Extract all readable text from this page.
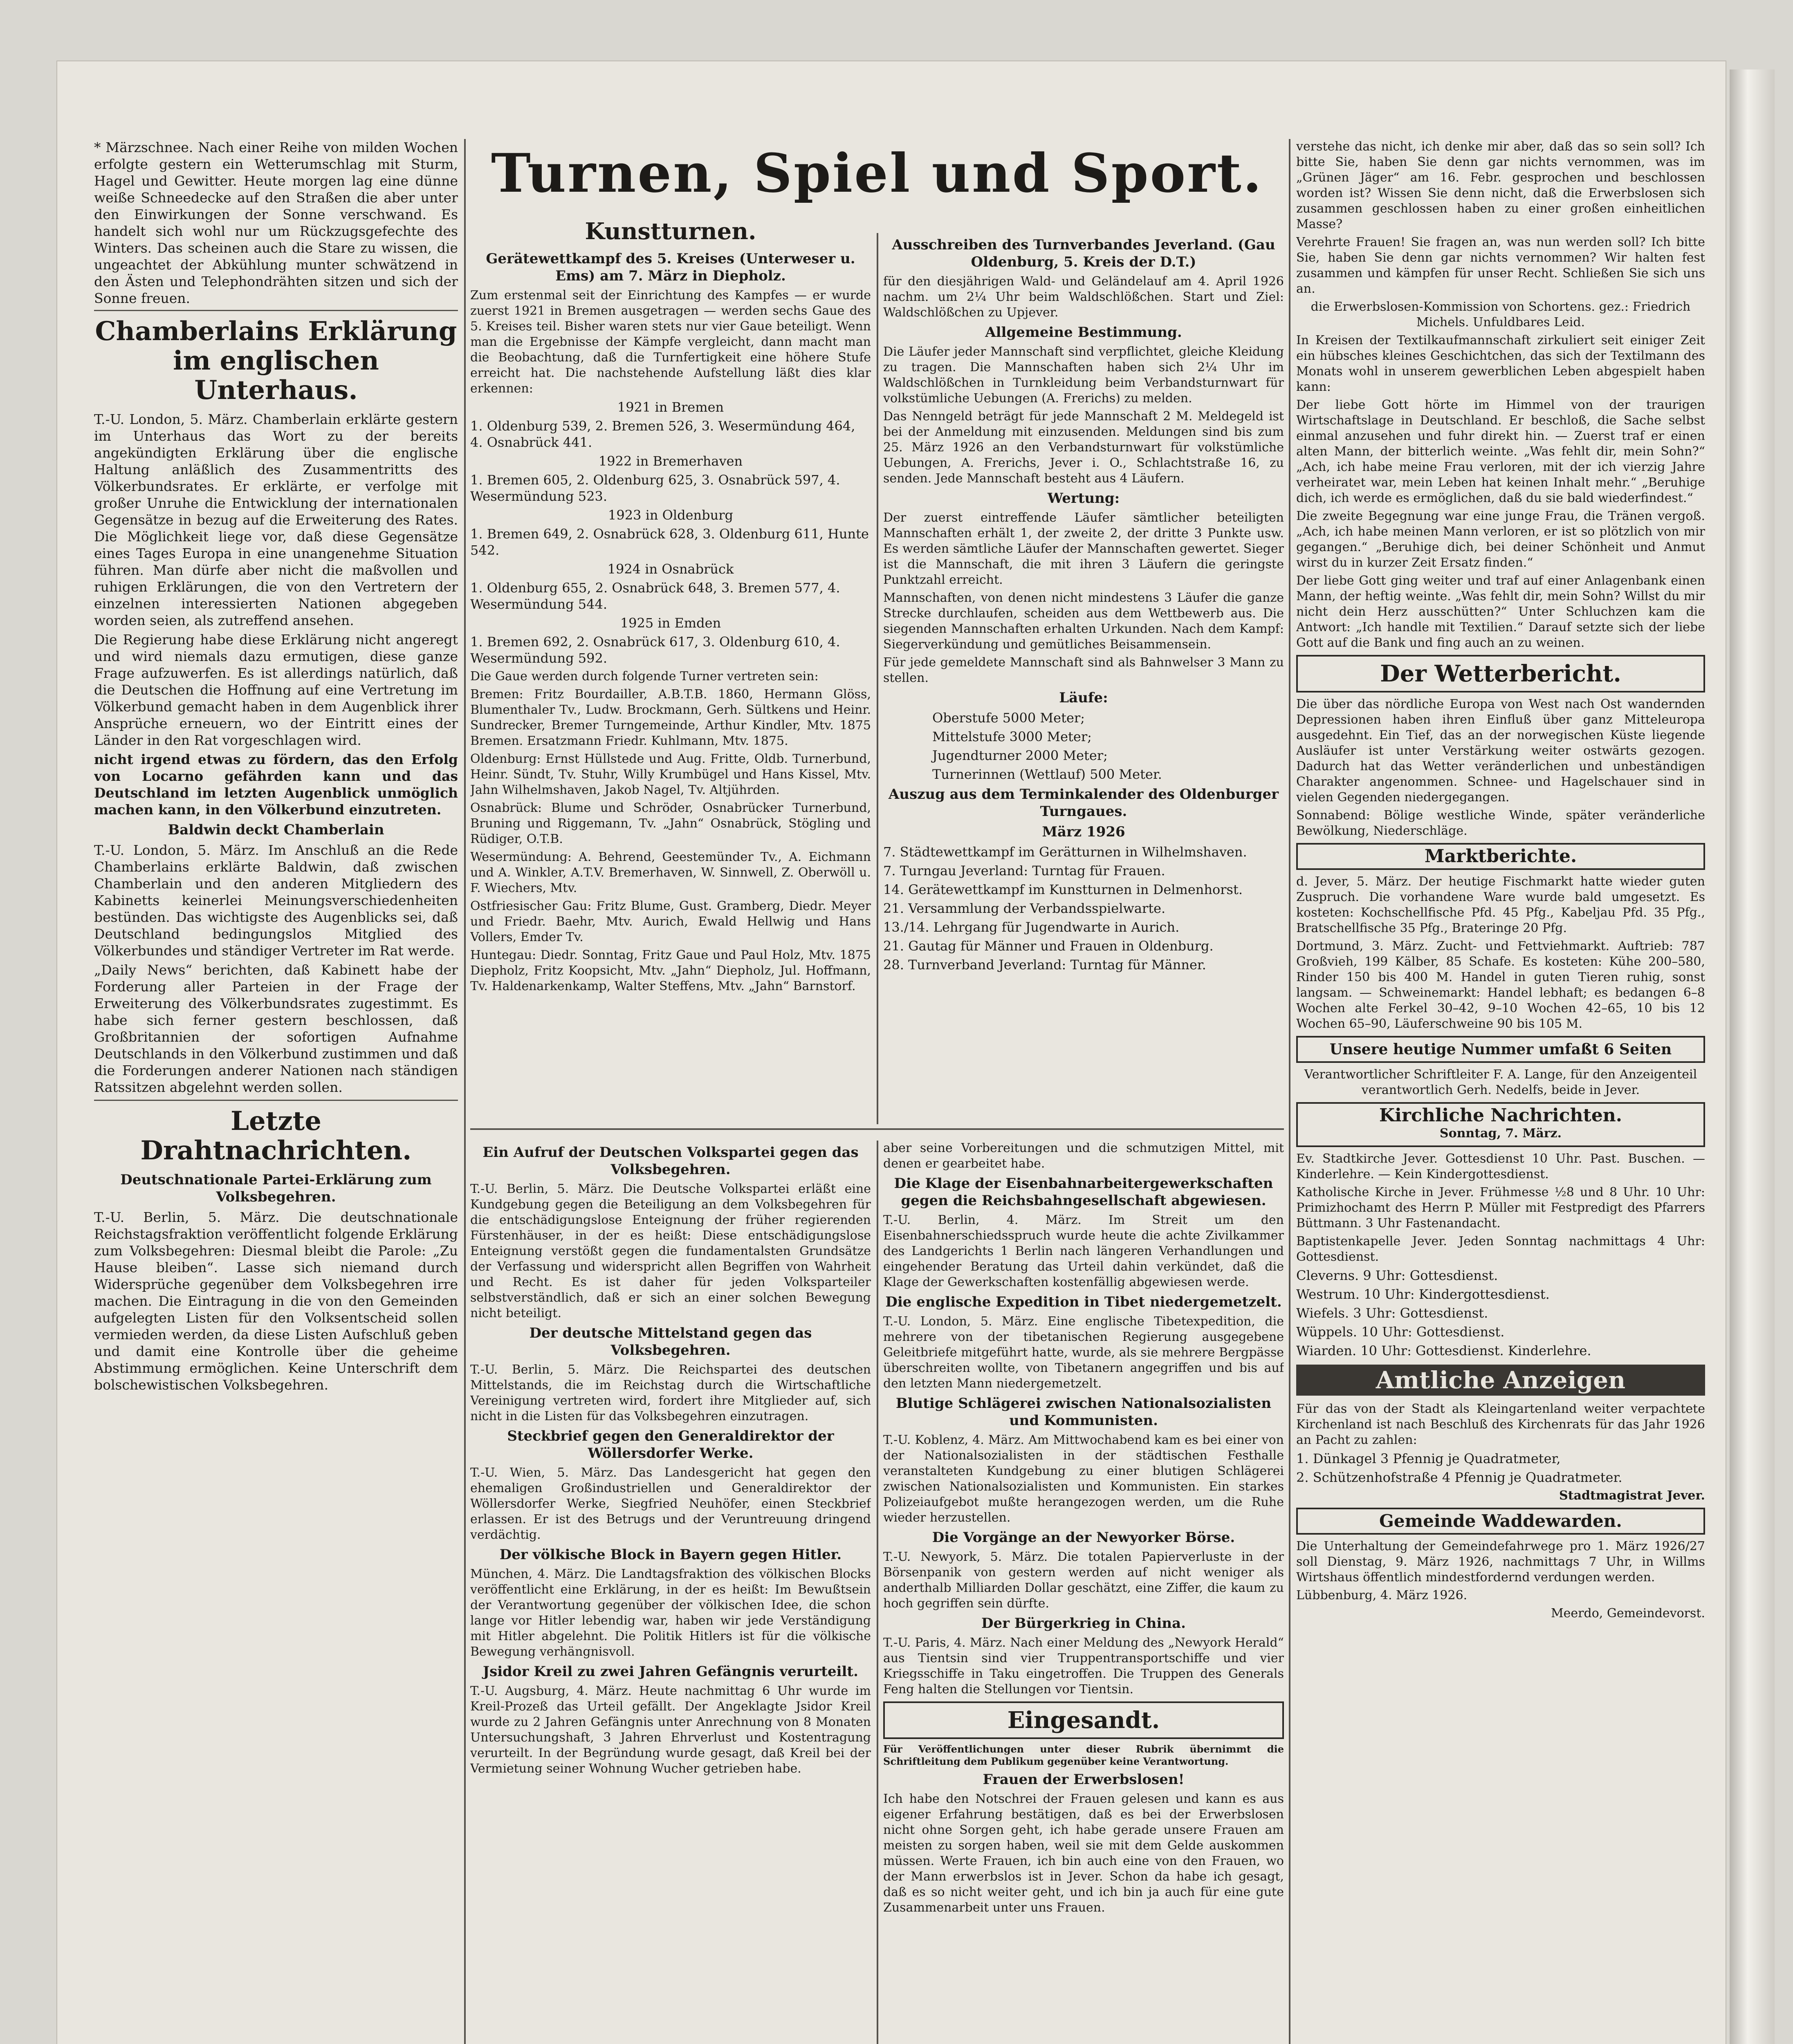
* Märzschnee. Nach einer Reihe von milden Wochen erfolgte gestern ein Wetterumschlag mit Sturm, Hagel und Gewitter. Heute morgen lag eine dünne weiße Schneedecke auf den Straßen die aber unter den Einwirkungen der Sonne verschwand. Es handelt sich wohl nur um Rückzugsgefechte des Winters. Das scheinen auch die Stare zu wissen, die ungeachtet der Abkühlung munter schwätzend in den Ästen und Telephondrähten sitzen und sich der Sonne freuen.

Chamberlains Erklärung im englischen Unterhaus.

T.-U. London, 5. März. Chamberlain erklärte gestern im Unterhaus das Wort zu der bereits angekündigten Erklärung über die englische Haltung anläßlich des Zusammentritts des Völkerbundsrates. Er erklärte, er verfolge mit großer Unruhe die Entwicklung der internationalen Gegensätze in bezug auf die Erweiterung des Rates. Die Möglichkeit liege vor, daß diese Gegensätze eines Tages Europa in eine unangenehme Situation führen. Man dürfe aber nicht die maßvollen und ruhigen Erklärungen, die von den Vertretern der einzelnen interessierten Nationen abgegeben worden seien, als zutreffend ansehen.

Die Regierung habe diese Erklärung nicht angeregt und wird niemals dazu ermutigen, diese ganze Frage aufzuwerfen. Es ist allerdings natürlich, daß die Deutschen die Hoffnung auf eine Vertretung im Völkerbund gemacht haben in dem Augenblick ihrer Ansprüche erneuern, wo der Eintritt eines der Länder in den Rat vorgeschlagen wird.

nicht irgend etwas zu fördern, das den Erfolg von Locarno gefährden kann und das Deutschland im letzten Augenblick unmöglich machen kann, in den Völkerbund einzutreten.

Baldwin deckt Chamberlain

T.-U. London, 5. März. Im Anschluß an die Rede Chamberlains erklärte Baldwin, daß zwischen Chamberlain und den anderen Mitgliedern des Kabinetts keinerlei Meinungsverschiedenheiten bestünden. Das wichtigste des Augenblicks sei, daß Deutschland bedingungslos Mitglied des Völkerbundes und ständiger Vertreter im Rat werde.

„Daily News“ berichten, daß Kabinett habe der Forderung aller Parteien in der Frage der Erweiterung des Völkerbundsrates zugestimmt. Es habe sich ferner gestern beschlossen, daß Großbritannien der sofortigen Aufnahme Deutschlands in den Völkerbund zustimmen und daß die Forderungen anderer Nationen nach ständigen Ratssitzen abgelehnt werden sollen.

Letzte Drahtnachrichten.
Deutschnationale Partei-Erklärung zum Volksbegehren.

T.-U. Berlin, 5. März. Die deutschnationale Reichstagsfraktion veröffentlicht folgende Erklärung zum Volksbegehren: Diesmal bleibt die Parole: „Zu Hause bleiben“. Lasse sich niemand durch Widersprüche gegenüber dem Volksbegehren irre machen. Die Eintragung in die von den Gemeinden aufgelegten Listen für den Volksentscheid sollen vermieden werden, da diese Listen Aufschluß geben und damit eine Kontrolle über die geheime Abstimmung ermöglichen. Keine Unterschrift dem bolschewistischen Volksbegehren.

Turnen, Spiel und Sport.
Kunstturnen.
Gerätewettkampf des 5. Kreises (Unterweser u. Ems) am 7. März in Diepholz.

Zum erstenmal seit der Einrichtung des Kampfes — er wurde zuerst 1921 in Bremen ausgetragen — werden sechs Gaue des 5. Kreises teil. Bisher waren stets nur vier Gaue beteiligt. Wenn man die Ergebnisse der Kämpfe vergleicht, dann macht man die Beobachtung, daß die Turnfertigkeit eine höhere Stufe erreicht hat. Die nachstehende Aufstellung läßt dies klar erkennen:

1921 in Bremen
1. Oldenburg 539, 2. Bremen 526, 3. Wesermündung 464, 4. Osnabrück 441.
1922 in Bremerhaven
1. Bremen 605, 2. Oldenburg 625, 3. Osnabrück 597, 4. Wesermündung 523.
1923 in Oldenburg
1. Bremen 649, 2. Osnabrück 628, 3. Oldenburg 611, Hunte 542.
1924 in Osnabrück
1. Oldenburg 655, 2. Osnabrück 648, 3. Bremen 577, 4. Wesermündung 544.
1925 in Emden
1. Bremen 692, 2. Osnabrück 617, 3. Oldenburg 610, 4. Wesermündung 592.

Die Gaue werden durch folgende Turner vertreten sein:

Bremen: Fritz Bourdailler, A.B.T.B. 1860, Hermann Glöss, Blumenthaler Tv., Ludw. Brockmann, Gerh. Sültkens und Heinr. Sundrecker, Bremer Turngemeinde, Arthur Kindler, Mtv. 1875 Bremen. Ersatzmann Friedr. Kuhlmann, Mtv. 1875.

Oldenburg: Ernst Hüllstede und Aug. Fritte, Oldb. Turnerbund, Heinr. Sündt, Tv. Stuhr, Willy Krumbügel und Hans Kissel, Mtv. Jahn Wilhelmshaven, Jakob Nagel, Tv. Altjührden.

Osnabrück: Blume und Schröder, Osnabrücker Turnerbund, Bruning und Riggemann, Tv. „Jahn“ Osnabrück, Stögling und Rüdiger, O.T.B.

Wesermündung: A. Behrend, Geestemünder Tv., A. Eichmann und A. Winkler, A.T.V. Bremerhaven, W. Sinnwell, Z. Oberwöll u. F. Wiechers, Mtv.

Ostfriesischer Gau: Fritz Blume, Gust. Gramberg, Diedr. Meyer und Friedr. Baehr, Mtv. Aurich, Ewald Hellwig und Hans Vollers, Emder Tv.

Huntegau: Diedr. Sonntag, Fritz Gaue und Paul Holz, Mtv. 1875 Diepholz, Fritz Koopsicht, Mtv. „Jahn“ Diepholz, Jul. Hoffmann, Tv. Haldenarkenkamp, Walter Steffens, Mtv. „Jahn“ Barnstorf.

Ein Aufruf der Deutschen Volkspartei gegen das Volksbegehren.

T.-U. Berlin, 5. März. Die Deutsche Volkspartei erläßt eine Kundgebung gegen die Beteiligung an dem Volksbegehren für die entschädigungslose Enteignung der früher regierenden Fürstenhäuser, in der es heißt: Diese entschädigungslose Enteignung verstößt gegen die fundamentalsten Grundsätze der Verfassung und widerspricht allen Begriffen von Wahrheit und Recht. Es ist daher für jeden Volksparteiler selbstverständlich, daß er sich an einer solchen Bewegung nicht beteiligt.

Der deutsche Mittelstand gegen das Volksbegehren.

T.-U. Berlin, 5. März. Die Reichspartei des deutschen Mittelstands, die im Reichstag durch die Wirtschaftliche Vereinigung vertreten wird, fordert ihre Mitglieder auf, sich nicht in die Listen für das Volksbegehren einzutragen.

Steckbrief gegen den Generaldirektor der Wöllersdorfer Werke.

T.-U. Wien, 5. März. Das Landesgericht hat gegen den ehemaligen Großindustriellen und Generaldirektor der Wöllersdorfer Werke, Siegfried Neuhöfer, einen Steckbrief erlassen. Er ist des Betrugs und der Veruntreuung dringend verdächtig.

Der völkische Block in Bayern gegen Hitler.

München, 4. März. Die Landtagsfraktion des völkischen Blocks veröffentlicht eine Erklärung, in der es heißt: Im Bewußtsein der Verantwortung gegenüber der völkischen Idee, die schon lange vor Hitler lebendig war, haben wir jede Verständigung mit Hitler abgelehnt. Die Politik Hitlers ist für die völkische Bewegung verhängnisvoll.

Jsidor Kreil zu zwei Jahren Gefängnis verurteilt.

T.-U. Augsburg, 4. März. Heute nachmittag 6 Uhr wurde im Kreil-Prozeß das Urteil gefällt. Der Angeklagte Jsidor Kreil wurde zu 2 Jahren Gefängnis unter Anrechnung von 8 Monaten Untersuchungshaft, 3 Jahren Ehrverlust und Kostentragung verurteilt. In der Begründung wurde gesagt, daß Kreil bei der Vermietung seiner Wohnung Wucher getrieben habe.

Ausschreiben des Turnverbandes Jeverland. (Gau Oldenburg, 5. Kreis der D.T.)

für den diesjährigen Wald- und Geländelauf am 4. April 1926 nachm. um 2¼ Uhr beim Waldschlößchen. Start und Ziel: Waldschlößchen zu Upjever.

Allgemeine Bestimmung.

Die Läufer jeder Mannschaft sind verpflichtet, gleiche Kleidung zu tragen. Die Mannschaften haben sich 2¼ Uhr im Waldschlößchen in Turnkleidung beim Verbandsturnwart für volkstümliche Uebungen (A. Frerichs) zu melden.

Das Nenngeld beträgt für jede Mannschaft 2 M. Meldegeld ist bei der Anmeldung mit einzusenden. Meldungen sind bis zum 25. März 1926 an den Verbandsturnwart für volkstümliche Uebungen, A. Frerichs, Jever i. O., Schlachtstraße 16, zu senden. Jede Mannschaft besteht aus 4 Läufern.

Wertung:

Der zuerst eintreffende Läufer sämtlicher beteiligten Mannschaften erhält 1, der zweite 2, der dritte 3 Punkte usw. Es werden sämtliche Läufer der Mannschaften gewertet. Sieger ist die Mannschaft, die mit ihren 3 Läufern die geringste Punktzahl erreicht.

Mannschaften, von denen nicht mindestens 3 Läufer die ganze Strecke durchlaufen, scheiden aus dem Wettbewerb aus. Die siegenden Mannschaften erhalten Urkunden. Nach dem Kampf: Siegerverkündung und gemütliches Beisammensein.

Für jede gemeldete Mannschaft sind als Bahnwelser 3 Mann zu stellen.

Läufe:
Oberstufe 5000 Meter;
Mittelstufe 3000 Meter;
Jugendturner 2000 Meter;
Turnerinnen (Wettlauf) 500 Meter.
Auszug aus dem Terminkalender des Oldenburger Turngaues.
März 1926
7. Städtewettkampf im Gerätturnen in Wilhelmshaven.
7. Turngau Jeverland: Turntag für Frauen.
14. Gerätewettkampf im Kunstturnen in Delmenhorst.
21. Versammlung der Verbandsspielwarte.
13./14. Lehrgang für Jugendwarte in Aurich.
21. Gautag für Männer und Frauen in Oldenburg.
28. Turnverband Jeverland: Turntag für Männer.

aber seine Vorbereitungen und die schmutzigen Mittel, mit denen er gearbeitet habe.

Die Klage der Eisenbahnarbeitergewerkschaften gegen die Reichsbahngesellschaft abgewiesen.

T.-U. Berlin, 4. März. Im Streit um den Eisenbahnerschiedsspruch wurde heute die achte Zivilkammer des Landgerichts 1 Berlin nach längeren Verhandlungen und eingehender Beratung das Urteil dahin verkündet, daß die Klage der Gewerkschaften kostenfällig abgewiesen werde.

Die englische Expedition in Tibet niedergemetzelt.

T.-U. London, 5. März. Eine englische Tibetexpedition, die mehrere von der tibetanischen Regierung ausgegebene Geleitbriefe mitgeführt hatte, wurde, als sie mehrere Bergpässe überschreiten wollte, von Tibetanern angegriffen und bis auf den letzten Mann niedergemetzelt.

Blutige Schlägerei zwischen Nationalsozialisten und Kommunisten.

T.-U. Koblenz, 4. März. Am Mittwochabend kam es bei einer von der Nationalsozialisten in der städtischen Festhalle veranstalteten Kundgebung zu einer blutigen Schlägerei zwischen Nationalsozialisten und Kommunisten. Ein starkes Polizeiaufgebot mußte herangezogen werden, um die Ruhe wieder herzustellen.

Die Vorgänge an der Newyorker Börse.

T.-U. Newyork, 5. März. Die totalen Papierverluste in der Börsenpanik von gestern werden auf nicht weniger als anderthalb Milliarden Dollar geschätzt, eine Ziffer, die kaum zu hoch gegriffen sein dürfte.

Der Bürgerkrieg in China.

T.-U. Paris, 4. März. Nach einer Meldung des „Newyork Herald“ aus Tientsin sind vier Truppentransportschiffe und vier Kriegsschiffe in Taku eingetroffen. Die Truppen des Generals Feng halten die Stellungen vor Tientsin.

Eingesandt.

Für Veröffentlichungen unter dieser Rubrik übernimmt die Schriftleitung dem Publikum gegenüber keine Verantwortung.

Frauen der Erwerbslosen!

Ich habe den Notschrei der Frauen gelesen und kann es aus eigener Erfahrung bestätigen, daß es bei der Erwerbslosen nicht ohne Sorgen geht, ich habe gerade unsere Frauen am meisten zu sorgen haben, weil sie mit dem Gelde auskommen müssen. Werte Frauen, ich bin auch eine von den Frauen, wo der Mann erwerbslos ist in Jever. Schon da habe ich gesagt, daß es so nicht weiter geht, und ich bin ja auch für eine gute Zusammenarbeit unter uns Frauen.

verstehe das nicht, ich denke mir aber, daß das so sein soll? Ich bitte Sie, haben Sie denn gar nichts vernommen, was im „Grünen Jäger“ am 16. Febr. gesprochen und beschlossen worden ist? Wissen Sie denn nicht, daß die Erwerbslosen sich zusammen geschlossen haben zu einer großen einheitlichen Masse?

Verehrte Frauen! Sie fragen an, was nun werden soll? Ich bitte Sie, haben Sie denn gar nichts vernommen? Wir halten fest zusammen und kämpfen für unser Recht. Schließen Sie sich uns an.

die Erwerbslosen-Kommission von Schortens. gez.: Friedrich Michels. Unfuldbares Leid.

In Kreisen der Textilkaufmannschaft zirkuliert seit einiger Zeit ein hübsches kleines Geschichtchen, das sich der Textilmann des Monats wohl in unserem gewerblichen Leben abgespielt haben kann:

Der liebe Gott hörte im Himmel von der traurigen Wirtschaftslage in Deutschland. Er beschloß, die Sache selbst einmal anzusehen und fuhr direkt hin. — Zuerst traf er einen alten Mann, der bitterlich weinte. „Was fehlt dir, mein Sohn?“ „Ach, ich habe meine Frau verloren, mit der ich vierzig Jahre verheiratet war, mein Leben hat keinen Inhalt mehr.“ „Beruhige dich, ich werde es ermöglichen, daß du sie bald wiederfindest.“

Die zweite Begegnung war eine junge Frau, die Tränen vergoß. „Ach, ich habe meinen Mann verloren, er ist so plötzlich von mir gegangen.“ „Beruhige dich, bei deiner Schönheit und Anmut wirst du in kurzer Zeit Ersatz finden.“

Der liebe Gott ging weiter und traf auf einer Anlagenbank einen Mann, der heftig weinte. „Was fehlt dir, mein Sohn? Willst du mir nicht dein Herz ausschütten?“ Unter Schluchzen kam die Antwort: „Ich handle mit Textilien.“ Darauf setzte sich der liebe Gott auf die Bank und fing auch an zu weinen.

Der Wetterbericht.

Die über das nördliche Europa von West nach Ost wandernden Depressionen haben ihren Einfluß über ganz Mitteleuropa ausgedehnt. Ein Tief, das an der norwegischen Küste liegende Ausläufer ist unter Verstärkung weiter ostwärts gezogen. Dadurch hat das Wetter veränderlichen und unbeständigen Charakter angenommen. Schnee- und Hagelschauer sind in vielen Gegenden niedergegangen.

Sonnabend: Bölige westliche Winde, später veränderliche Bewölkung, Niederschläge.

Marktberichte.

d. Jever, 5. März. Der heutige Fischmarkt hatte wieder guten Zuspruch. Die vorhandene Ware wurde bald umgesetzt. Es kosteten: Kochschellfische Pfd. 45 Pfg., Kabeljau Pfd. 35 Pfg., Bratschellfische 35 Pfg., Brateringe 20 Pfg.

Dortmund, 3. März. Zucht- und Fettviehmarkt. Auftrieb: 787 Großvieh, 199 Kälber, 85 Schafe. Es kosteten: Kühe 200–580, Rinder 150 bis 400 M. Handel in guten Tieren ruhig, sonst langsam. — Schweinemarkt: Handel lebhaft; es bedangen 6–8 Wochen alte Ferkel 30–42, 9–10 Wochen 42–65, 10 bis 12 Wochen 65–90, Läuferschweine 90 bis 105 M.

Unsere heutige Nummer umfaßt 6 Seiten

Verantwortlicher Schriftleiter F. A. Lange, für den Anzeigenteil verantwortlich Gerh. Nedelfs, beide in Jever.

Kirchliche Nachrichten.
Sonntag, 7. März.

Ev. Stadtkirche Jever. Gottesdienst 10 Uhr. Past. Buschen. — Kinderlehre. — Kein Kindergottesdienst.

Katholische Kirche in Jever. Frühmesse ½8 und 8 Uhr. 10 Uhr: Primizhochamt des Herrn P. Müller mit Festpredigt des Pfarrers Büttmann. 3 Uhr Fastenandacht.

Baptistenkapelle Jever. Jeden Sonntag nachmittags 4 Uhr: Gottesdienst.

Cleverns. 9 Uhr: Gottesdienst.
Westrum. 10 Uhr: Kindergottesdienst.
Wiefels. 3 Uhr: Gottesdienst.
Wüppels. 10 Uhr: Gottesdienst.
Wiarden. 10 Uhr: Gottesdienst. Kinderlehre.
Amtliche Anzeigen

Für das von der Stadt als Kleingartenland weiter verpachtete Kirchenland ist nach Beschluß des Kirchenrats für das Jahr 1926 an Pacht zu zahlen:

1. Dünkagel 3 Pfennig je Quadratmeter,
2. Schützenhofstraße 4 Pfennig je Quadratmeter.
Stadtmagistrat Jever.
Gemeinde Waddewarden.

Die Unterhaltung der Gemeindefahrwege pro 1. März 1926/27 soll Dienstag, 9. März 1926, nachmittags 7 Uhr, in Willms Wirtshaus öffentlich mindestfordernd verdungen werden.

Lübbenburg, 4. März 1926.

Meerdo, Gemeindevorst.
